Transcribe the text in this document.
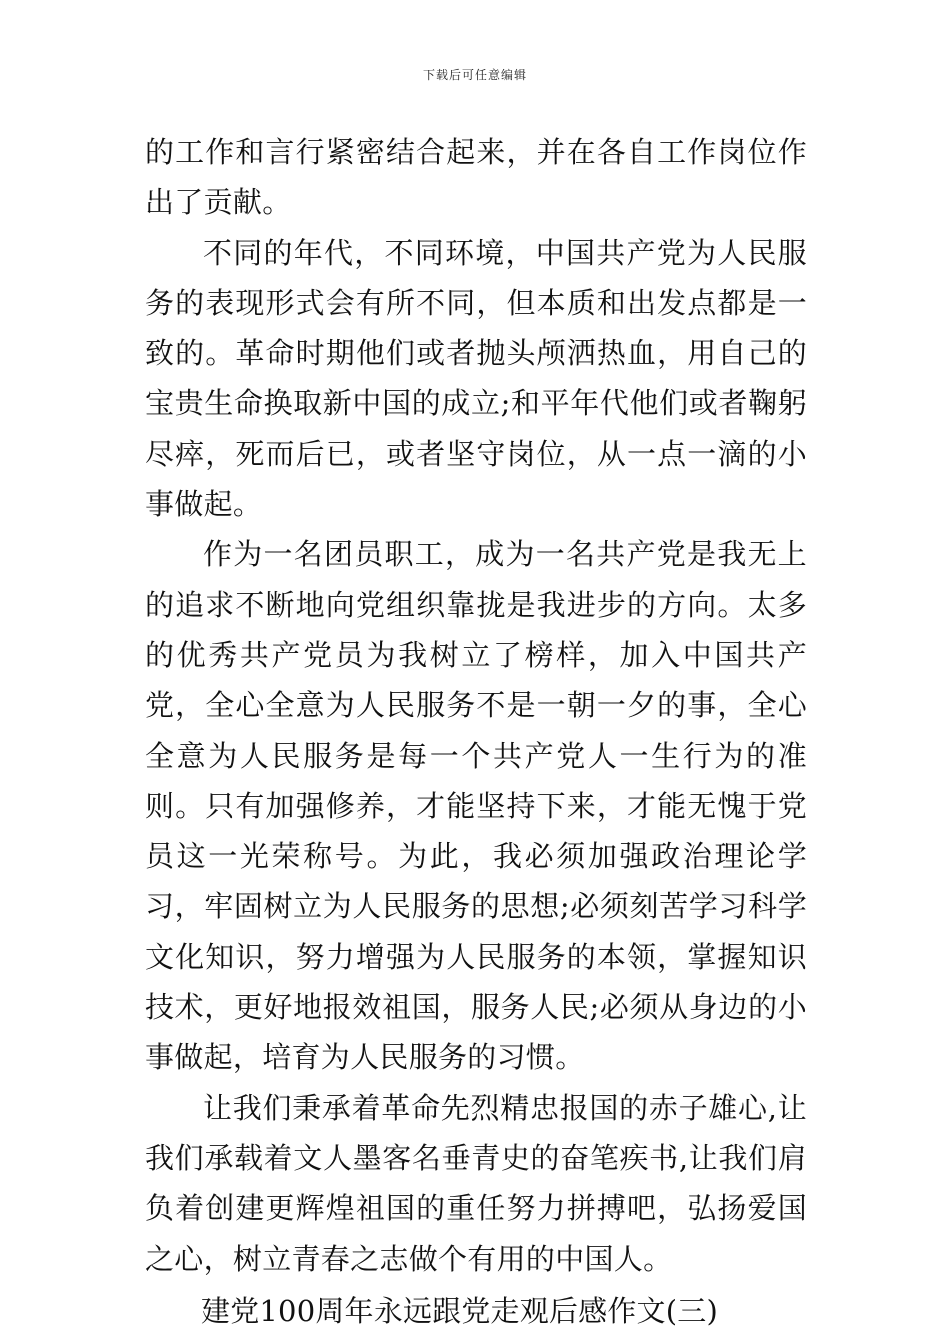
下载后可任意编辑

的工作和言行紧密结合起来，并在各自工作岗位作出了贡献。

不同的年代，不同环境，中国共产党为人民服务的表现形式会有所不同，但本质和出发点都是一致的。革命时期他们或者抛头颅洒热血，用自己的宝贵生命换取新中国的成立;和平年代他们或者鞠躬尽瘁，死而后已，或者坚守岗位，从一点一滴的小事做起。

作为一名团员职工，成为一名共产党是我无上的追求不断地向党组织靠拢是我进步的方向。太多的优秀共产党员为我树立了榜样，加入中国共产党，全心全意为人民服务不是一朝一夕的事，全心全意为人民服务是每一个共产党人一生行为的准则。只有加强修养，才能坚持下来，才能无愧于党员这一光荣称号。为此，我必须加强政治理论学习，牢固树立为人民服务的思想;必须刻苦学习科学文化知识，努力增强为人民服务的本领，掌握知识技术，更好地报效祖国，服务人民;必须从身边的小事做起，培育为人民服务的习惯。

让我们秉承着革命先烈精忠报国的赤子雄心,让我们承载着文人墨客名垂青史的奋笔疾书,让我们肩负着创建更辉煌祖国的重任努力拼搏吧，弘扬爱国之心，树立青春之志做个有用的中国人。

建党100周年永远跟党走观后感作文(三)
